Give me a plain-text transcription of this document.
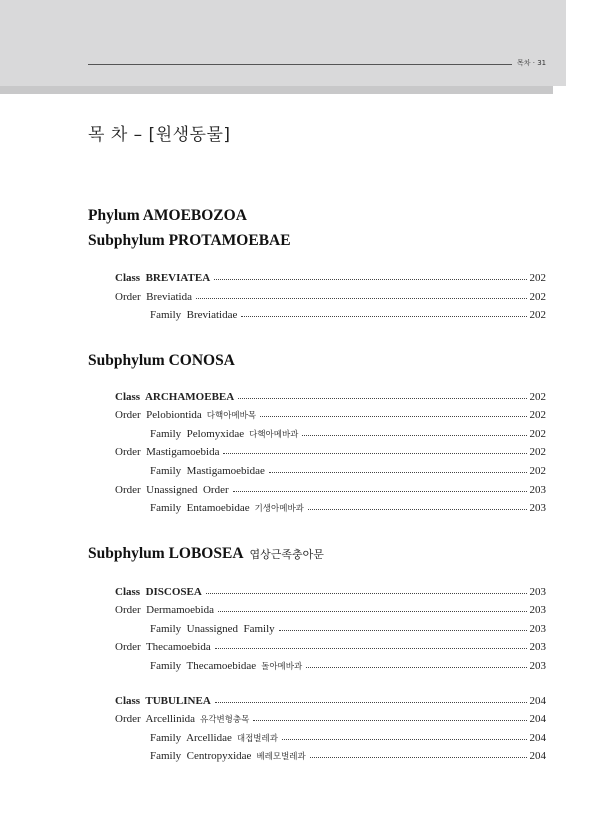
목차 · 31
목 차 – [원생동물]
Phylum AMOEBOZOA
Subphylum PROTAMOEBAE
Subphylum CONOSA
Subphylum LOBOSEA 엽상근족충아문
Class  BREVIATEA	202
Order  Breviatida	202
Family  Breviatidae	202
Class  ARCHAMOEBEA	202
Order  Pelobiontida 다핵아메바목	202
Family  Pelomyxidae 다핵아메바과	202
Order  Mastigamoebida	202
Family  Mastigamoebidae	202
Order  Unassigned  Order	203
Family  Entamoebidae 기생아메바과	203
Class  DISCOSEA	203
Order  Dermamoebida	203
Family  Unassigned  Family	203
Order  Thecamoebida	203
Family  Thecamoebidae 돌아메바과	203
Class  TUBULINEA	204
Order  Arcellinida 유각변형충목	204
Family  Arcellidae 대접벌레과	204
Family  Centropyxidae 베레모벌레과	204
